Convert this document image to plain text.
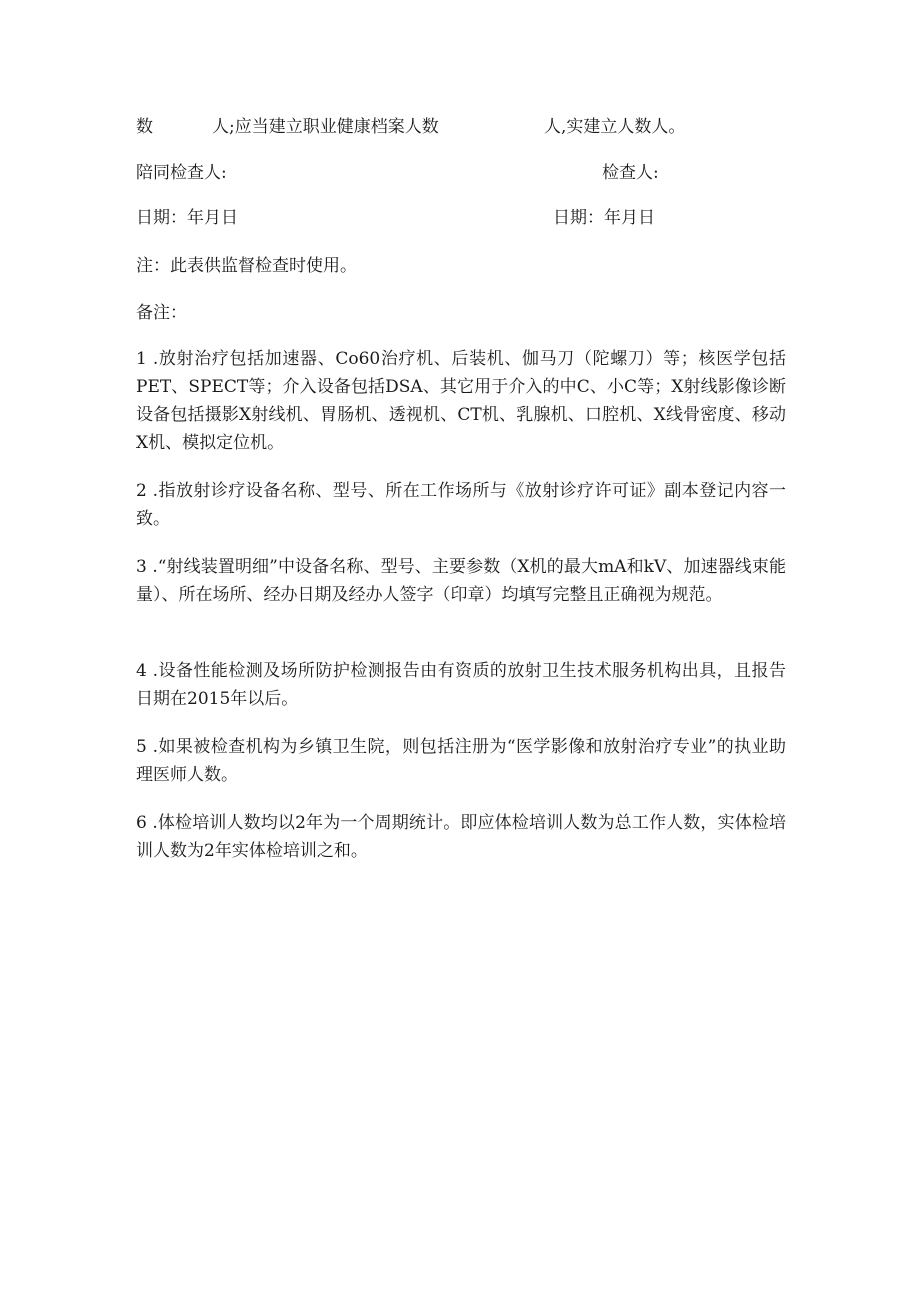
数	人;应当建立职业健康档案人数	人,实建立人数人。
陪同检查人:	检查人:
日期：年月日	日期：年月日
注：此表供监督检查时使用。
备注：
1 .放射治疗包括加速器、Co60治疗机、后装机、伽马刀（陀螺刀）等；核医学包括PET、SPECT等；介入设备包括DSA、其它用于介入的中C、小C等；X射线影像诊断设备包括摄影X射线机、胃肠机、透视机、CT机、乳腺机、口腔机、X线骨密度、移动X机、模拟定位机。
2 .指放射诊疗设备名称、型号、所在工作场所与《放射诊疗许可证》副本登记内容一致。
3 .“射线装置明细”中设备名称、型号、主要参数（X机的最大mA和kV、加速器线束能量）、所在场所、经办日期及经办人签字（印章）均填写完整且正确视为规范。
4 .设备性能检测及场所防护检测报告由有资质的放射卫生技术服务机构出具，且报告日期在2015年以后。
5 .如果被检查机构为乡镇卫生院，则包括注册为“医学影像和放射治疗专业”的执业助理医师人数。
6 .体检培训人数均以2年为一个周期统计。即应体检培训人数为总工作人数，实体检培训人数为2年实体检培训之和。
